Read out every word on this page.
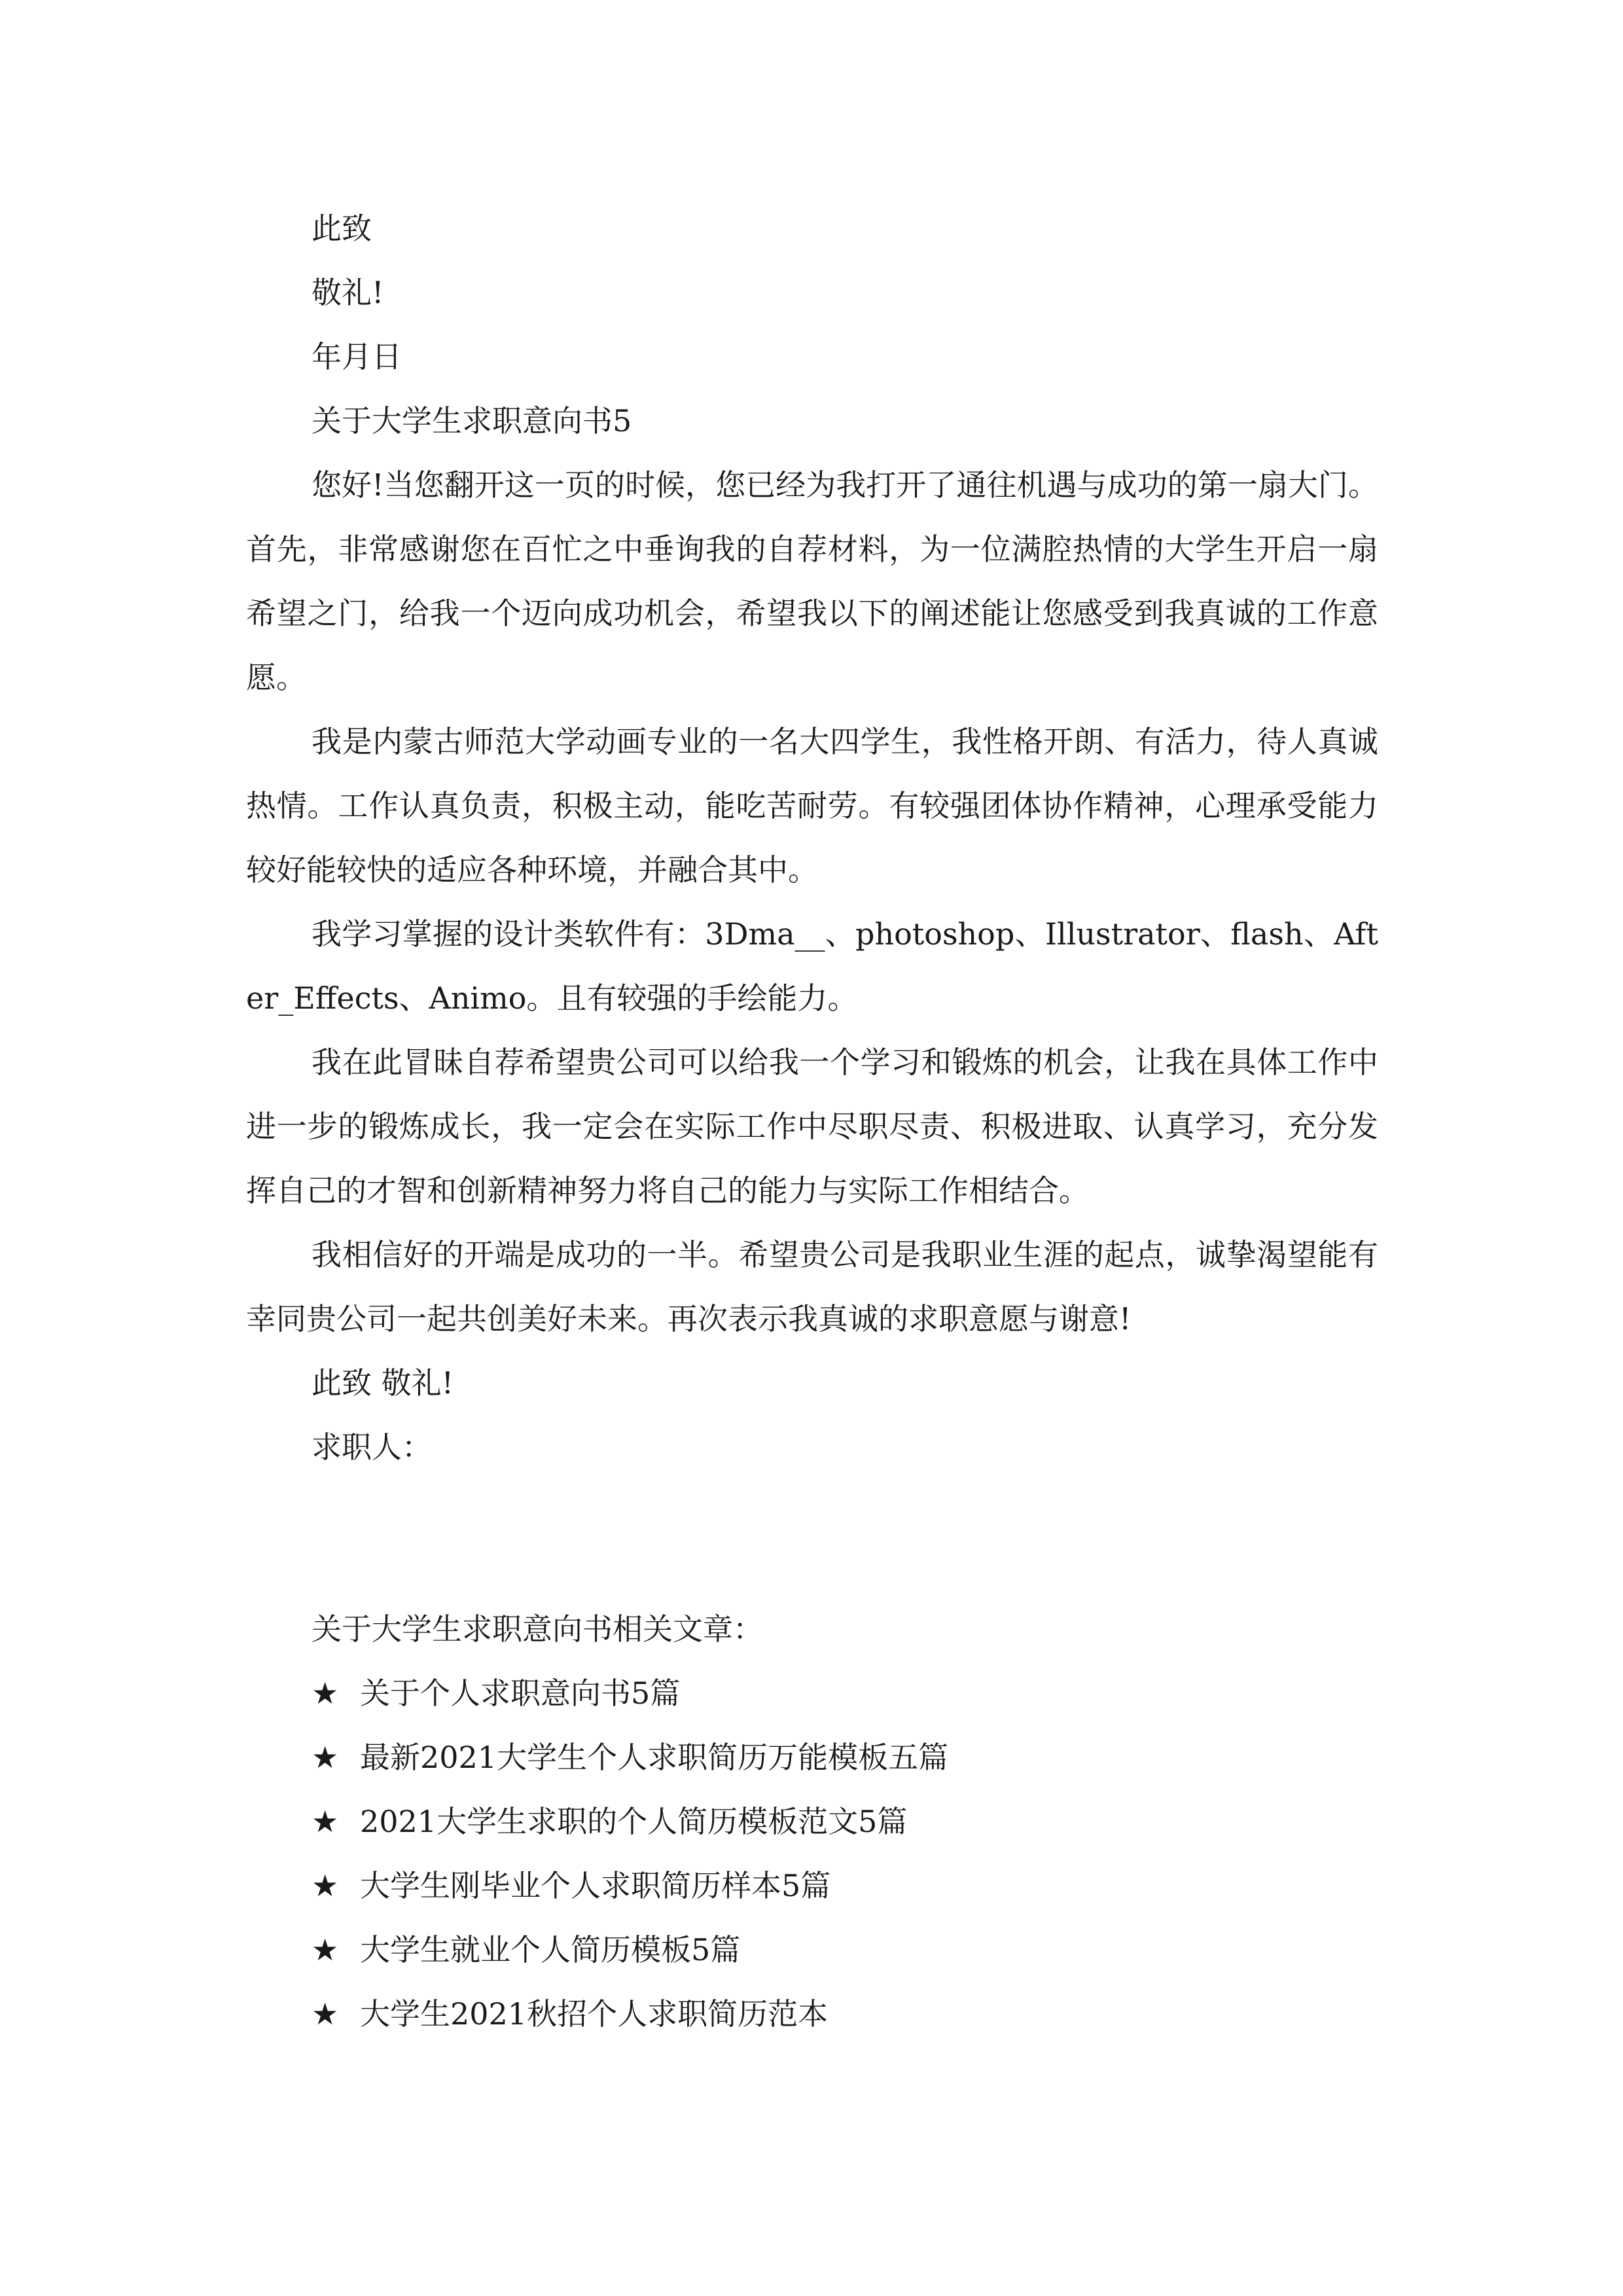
此致

敬礼!

年月日

关于大学生求职意向书5

您好!当您翻开这一页的时候，您已经为我打开了通往机遇与成功的第一扇大门。首先，非常感谢您在百忙之中垂询我的自荐材料，为一位满腔热情的大学生开启一扇希望之门，给我一个迈向成功机会，希望我以下的阐述能让您感受到我真诚的工作意愿。

我是内蒙古师范大学动画专业的一名大四学生，我性格开朗、有活力，待人真诚热情。工作认真负责，积极主动，能吃苦耐劳。有较强团体协作精神，心理承受能力较好能较快的适应各种环境，并融合其中。

我学习掌握的设计类软件有：3Dma__、photoshop、Illustrator、flash、After_Effects、Animo。且有较强的手绘能力。

我在此冒昧自荐希望贵公司可以给我一个学习和锻炼的机会，让我在具体工作中进一步的锻炼成长，我一定会在实际工作中尽职尽责、积极进取、认真学习，充分发挥自己的才智和创新精神努力将自己的能力与实际工作相结合。

我相信好的开端是成功的一半。希望贵公司是我职业生涯的起点，诚挚渴望能有幸同贵公司一起共创美好未来。再次表示我真诚的求职意愿与谢意!

此致 敬礼!

求职人：

关于大学生求职意向书相关文章：

★ 关于个人求职意向书5篇
★ 最新2021大学生个人求职简历万能模板五篇
★ 2021大学生求职的个人简历模板范文5篇
★ 大学生刚毕业个人求职简历样本5篇
★ 大学生就业个人简历模板5篇
★ 大学生2021秋招个人求职简历范本
